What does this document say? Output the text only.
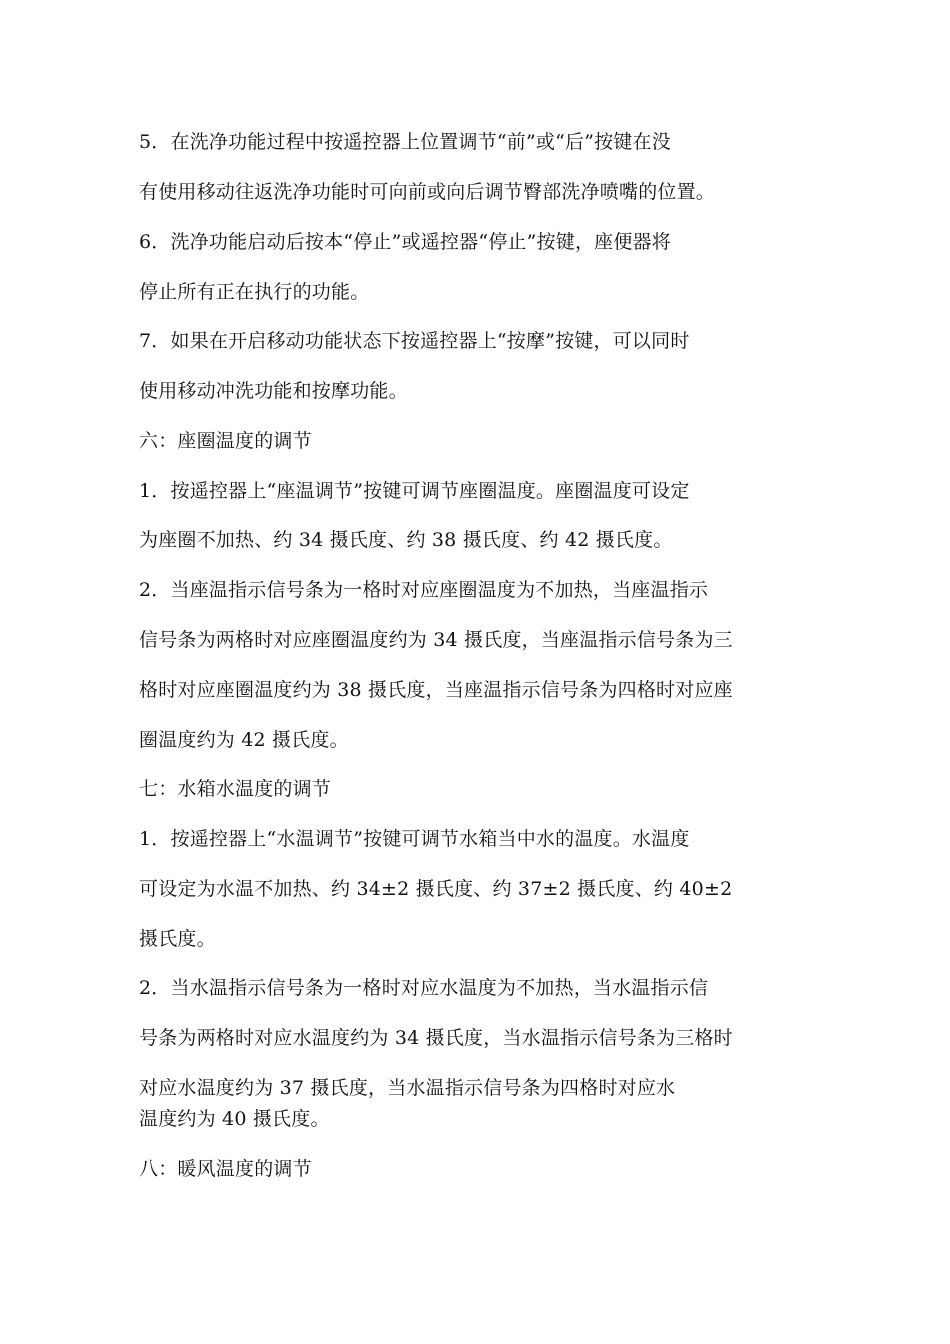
5．在洗净功能过程中按遥控器上位置调节“前”或“后”按键在没
有使用移动往返洗净功能时可向前或向后调节臀部洗净喷嘴的位置。
6．洗净功能启动后按本“停止”或遥控器“停止”按键，座便器将
停止所有正在执行的功能。
7．如果在开启移动功能状态下按遥控器上“按摩”按键，可以同时
使用移动冲洗功能和按摩功能。
六：座圈温度的调节
1．按遥控器上“座温调节”按键可调节座圈温度。座圈温度可设定
为座圈不加热、约 34 摄氏度、约 38 摄氏度、约 42 摄氏度。
2．当座温指示信号条为一格时对应座圈温度为不加热，当座温指示
信号条为两格时对应座圈温度约为 34 摄氏度，当座温指示信号条为三
格时对应座圈温度约为 38 摄氏度，当座温指示信号条为四格时对应座
圈温度约为 42 摄氏度。
七：水箱水温度的调节
1．按遥控器上“水温调节”按键可调节水箱当中水的温度。水温度
可设定为水温不加热、约 34±2 摄氏度、约 37±2 摄氏度、约 40±2
摄氏度。
2．当水温指示信号条为一格时对应水温度为不加热，当水温指示信
号条为两格时对应水温度约为 34 摄氏度，当水温指示信号条为三格时
对应水温度约为 37 摄氏度，当水温指示信号条为四格时对应水
温度约为 40 摄氏度。
八：暖风温度的调节
